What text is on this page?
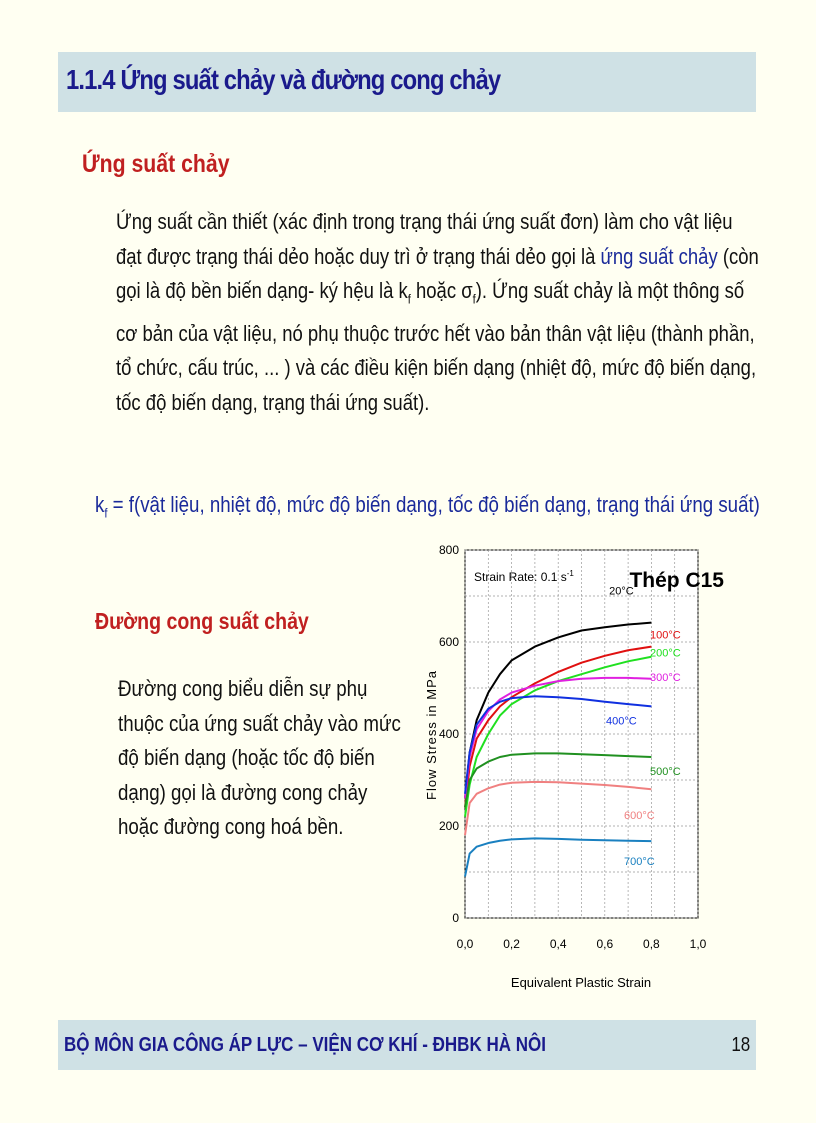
1.1.4 Ứng suất chảy và đường cong chảy
Ứng suất chảy
Ứng suất cần thiết (xác định trong trạng thái ứng suất đơn) làm cho vật liệu
đạt được trạng thái dẻo hoặc duy trì ở trạng thái dẻo gọi là ứng suất chảy (còn
gọi là độ bền biến dạng- ký hệu là $k_f$ hoặc $\sigma_f$). Ứng suất chảy là một thông số
cơ bản của vật liệu, nó phụ thuộc trước hết vào bản thân vật liệu (thành phần,
tổ chức, cấu trúc, ... ) và các điều kiện biến dạng (nhiệt độ, mức độ biến dạng,
tốc độ biến dạng, trạng thái ứng suất).
$k_f$ = f(vật liệu, nhiệt độ, mức độ biến dạng, tốc độ biến dạng, trạng thái ứng suất)
Đường cong suất chảy
Đường cong biểu diễn sự phụ
thuộc của ứng suất chảy vào mức
độ biến dạng (hoặc tốc độ biến
dạng) gọi là đường cong chảy
hoặc đường cong hoá bền.
0
200
400
600
800
0,0 0,2 0,4 0,6 0,8 1,0
20°C
100°C
200°C
300°C
400°C
500°C
600°C
700°C
Strain Rate: 0.1 $s^{-1}$	Thép C15
Equivalent Plastic Strain
Flow Stress in MPa
BỘ MÔN GIA CÔNG ÁP LỰC – VIỆN CƠ KHÍ - ĐHBK HÀ NÔI	18
